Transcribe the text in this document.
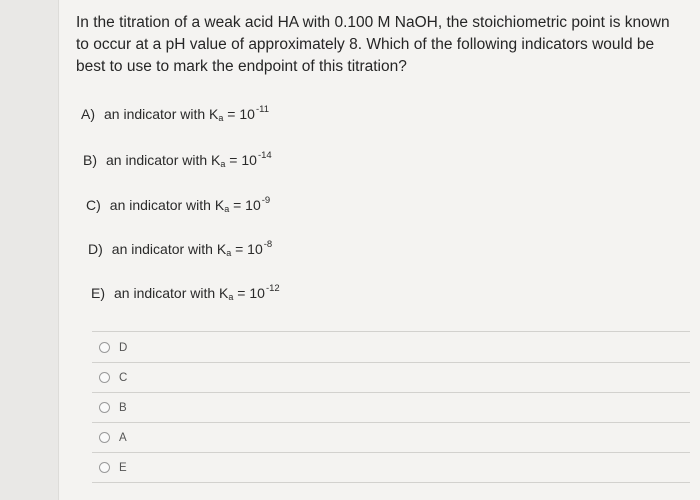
In the titration of a weak acid HA with 0.100 M NaOH, the stoichiometric point is known to occur at a pH value of approximately 8. Which of the following indicators would be best to use to mark the endpoint of this titration?
A) an indicator with $K_a = 10^{-11}$
B) an indicator with $K_a = 10^{-14}$
C) an indicator with $K_a = 10^{-9}$
D) an indicator with $K_a = 10^{-8}$
E) an indicator with $K_a = 10^{-12}$
D
C
B
A
E
